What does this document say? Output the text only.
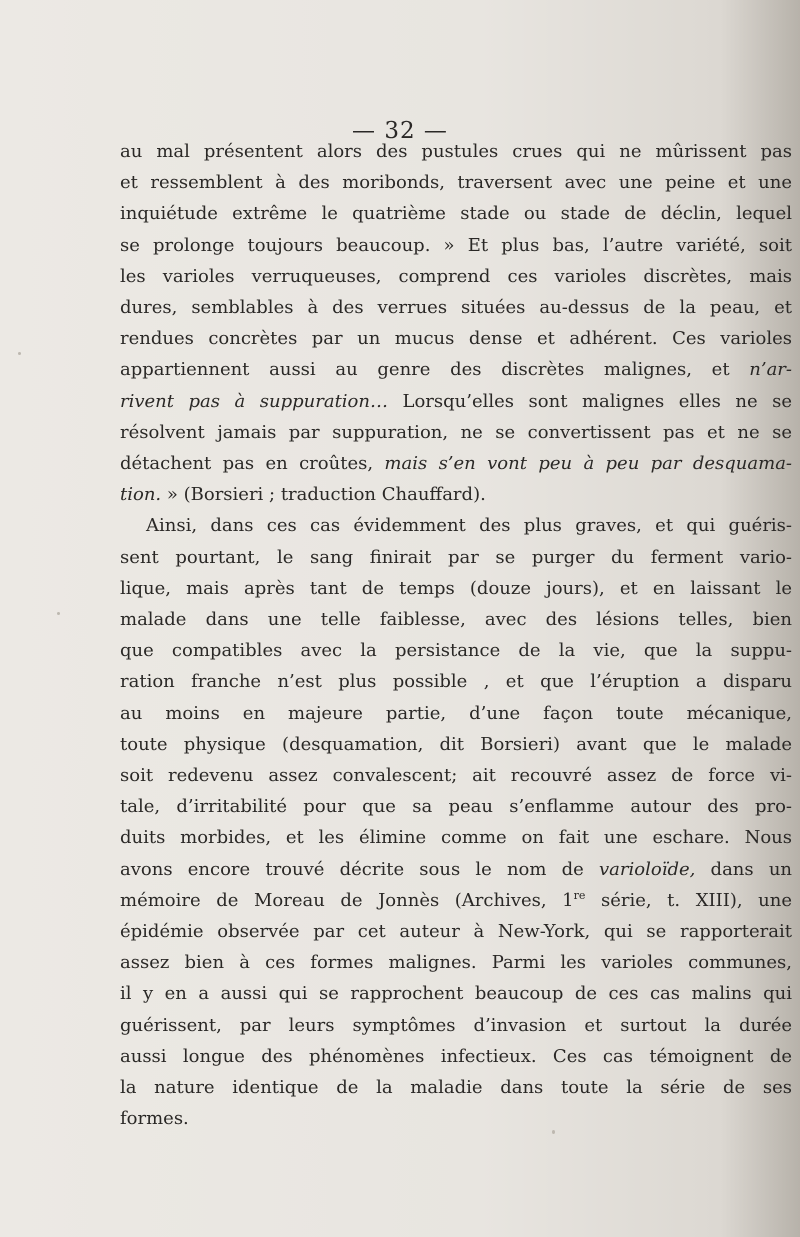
— 32 —
au mal présentent alors des pustules crues qui ne mûrissent pas
et ressemblent à des moribonds, traversent avec une peine et une
inquiétude extrême le quatrième stade ou stade de déclin, lequel
se prolonge toujours beaucoup. » Et plus bas, l’autre variété, soit
les varioles verruqueuses, comprend ces varioles discrètes, mais
dures, semblables à des verrues situées au-dessus de la peau, et
rendues concrètes par un mucus dense et adhérent. Ces varioles
appartiennent aussi au genre des discrètes malignes, et n’ar-
rivent pas à suppuration… Lorsqu’elles sont malignes elles ne se
résolvent jamais par suppuration, ne se convertissent pas et ne se
détachent pas en croûtes, mais s’en vont peu à peu par desquama-
tion. » (Borsieri ; traduction Chauffard).
Ainsi, dans ces cas évidemment des plus graves, et qui guéris-
sent pourtant, le sang finirait par se purger du ferment vario-
lique, mais après tant de temps (douze jours), et en laissant le
malade dans une telle faiblesse, avec des lésions telles, bien
que compatibles avec la persistance de la vie, que la suppu-
ration franche n’est plus possible , et que l’éruption a disparu
au moins en majeure partie, d’une façon toute mécanique,
toute physique (desquamation, dit Borsieri) avant que le malade
soit redevenu assez convalescent; ait recouvré assez de force vi-
tale, d’irritabilité pour que sa peau s’enflamme autour des pro-
duits morbides, et les élimine comme on fait une eschare. Nous
avons encore trouvé décrite sous le nom de varioloïde, dans un
mémoire de Moreau de Jonnès (Archives, 1re série, t. XIII), une
épidémie observée par cet auteur à New-York, qui se rapporterait
assez bien à ces formes malignes. Parmi les varioles communes,
il y en a aussi qui se rapprochent beaucoup de ces cas malins qui
guérissent, par leurs symptômes d’invasion et surtout la durée
aussi longue des phénomènes infectieux. Ces cas témoignent de
la nature identique de la maladie dans toute la série de ses
formes.
